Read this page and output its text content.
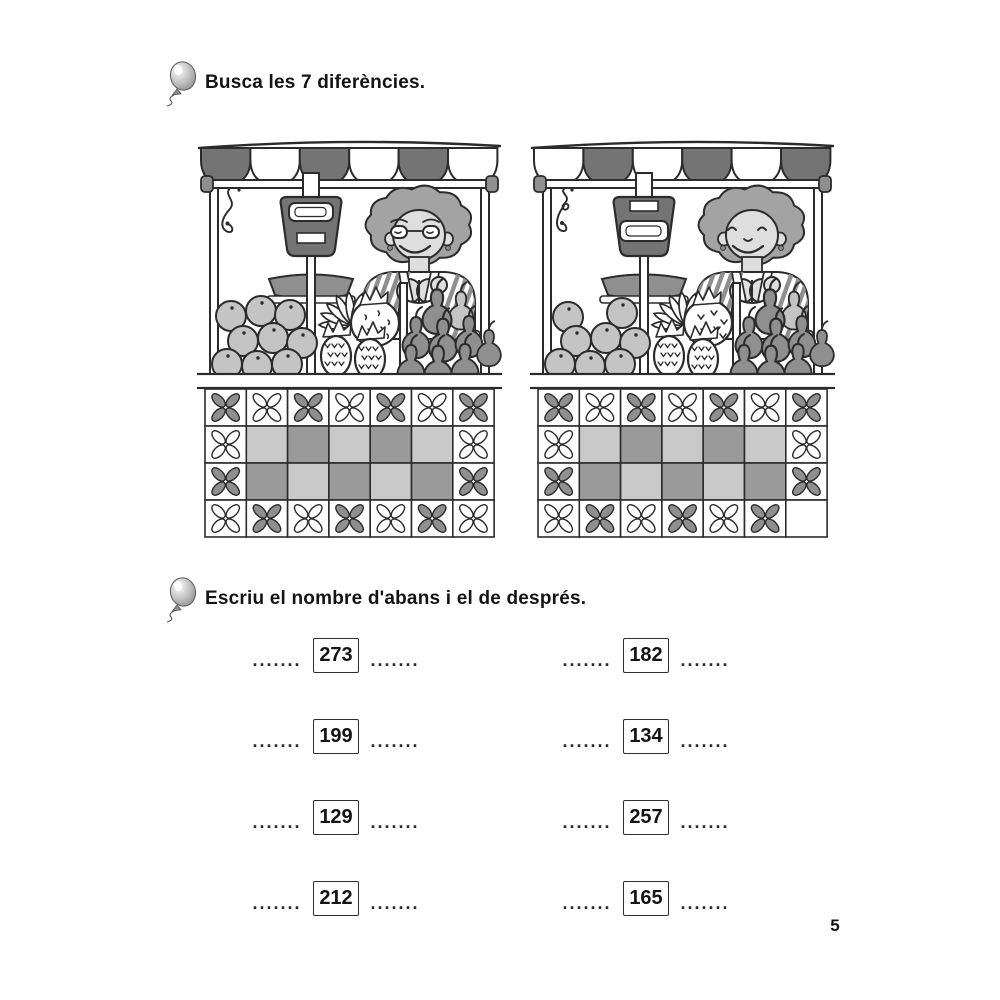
Busca les 7 diferències.
Escriu el nombre d'abans i el de després.
....... 273 .......	....... 182 .......
....... 199 .......	....... 134 .......
....... 129 .......	....... 257 .......
....... 212 .......	....... 165 .......
5
